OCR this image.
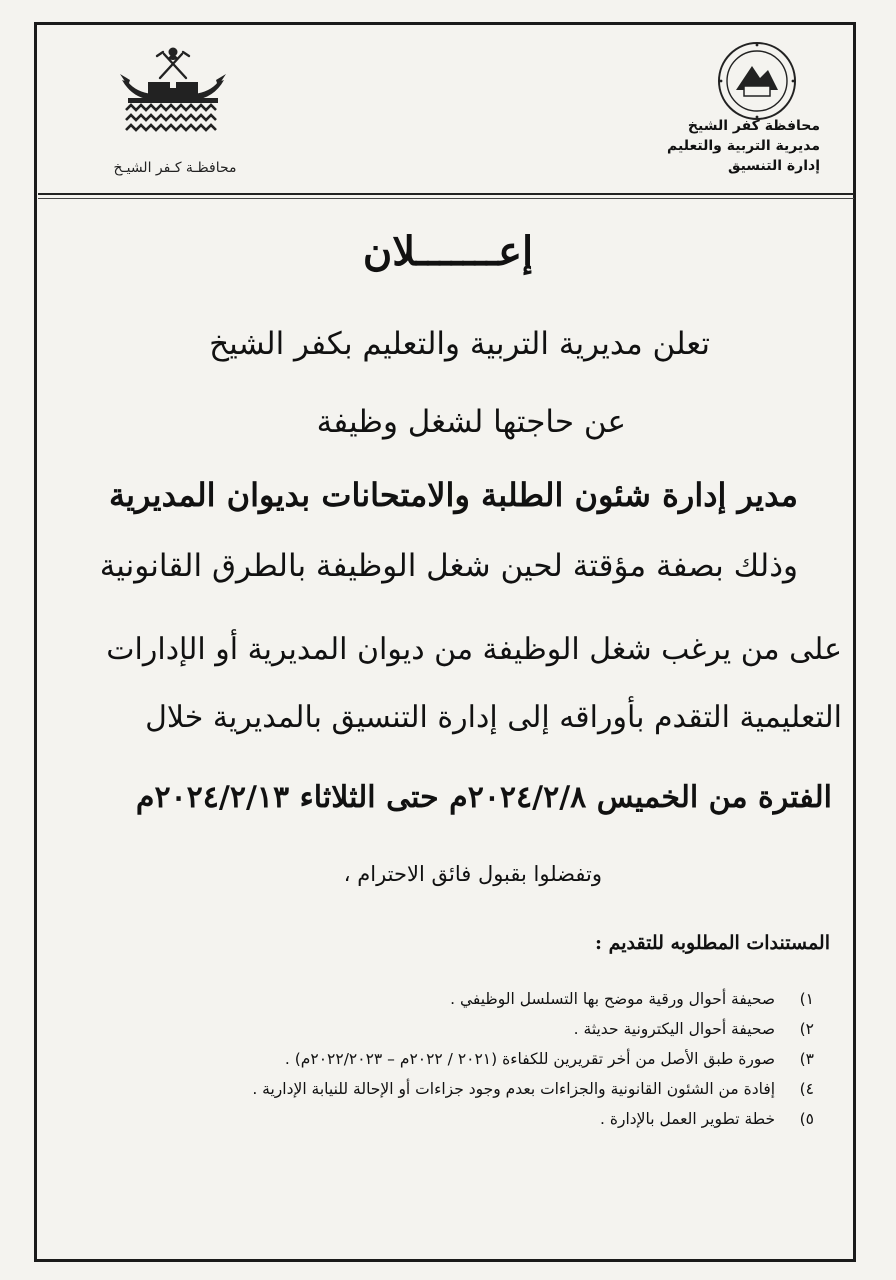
محافظـة كـفر الشيـخ
محافظة كفر الشيخ
مديرية التربية والتعليم
إدارة التنسيق
إعـــــــلان
تعلن مديرية التربية والتعليم بكفر الشيخ
عن حاجتها لشغل وظيفة
مدير إدارة شئون الطلبة والامتحانات بديوان المديرية
وذلك بصفة مؤقتة لحين شغل الوظيفة بالطرق القانونية
على من يرغب شغل الوظيفة من ديوان المديرية أو الإدارات
التعليمية التقدم بأوراقه إلى إدارة التنسيق بالمديرية خلال
الفترة من الخميس ٢٠٢٤/٢/٨م حتى الثلاثاء ٢٠٢٤/٢/١٣م
وتفضلوا بقبول فائق الاحترام ،
المستندات المطلوبه للتقديم :
١) صحيفة أحوال ورقية موضح بها التسلسل الوظيفي .
٢) صحيفة أحوال اليكترونية حديثة .
٣) صورة طبق الأصل من أخر تقريرين للكفاءة (٢٠٢١ / ٢٠٢٢م – ٢٠٢٢/٢٠٢٣م) .
٤) إفادة من الشئون القانونية والجزاءات بعدم وجود جزاءات أو الإحالة للنيابة الإدارية .
٥) خطة تطوير العمل بالإدارة .
